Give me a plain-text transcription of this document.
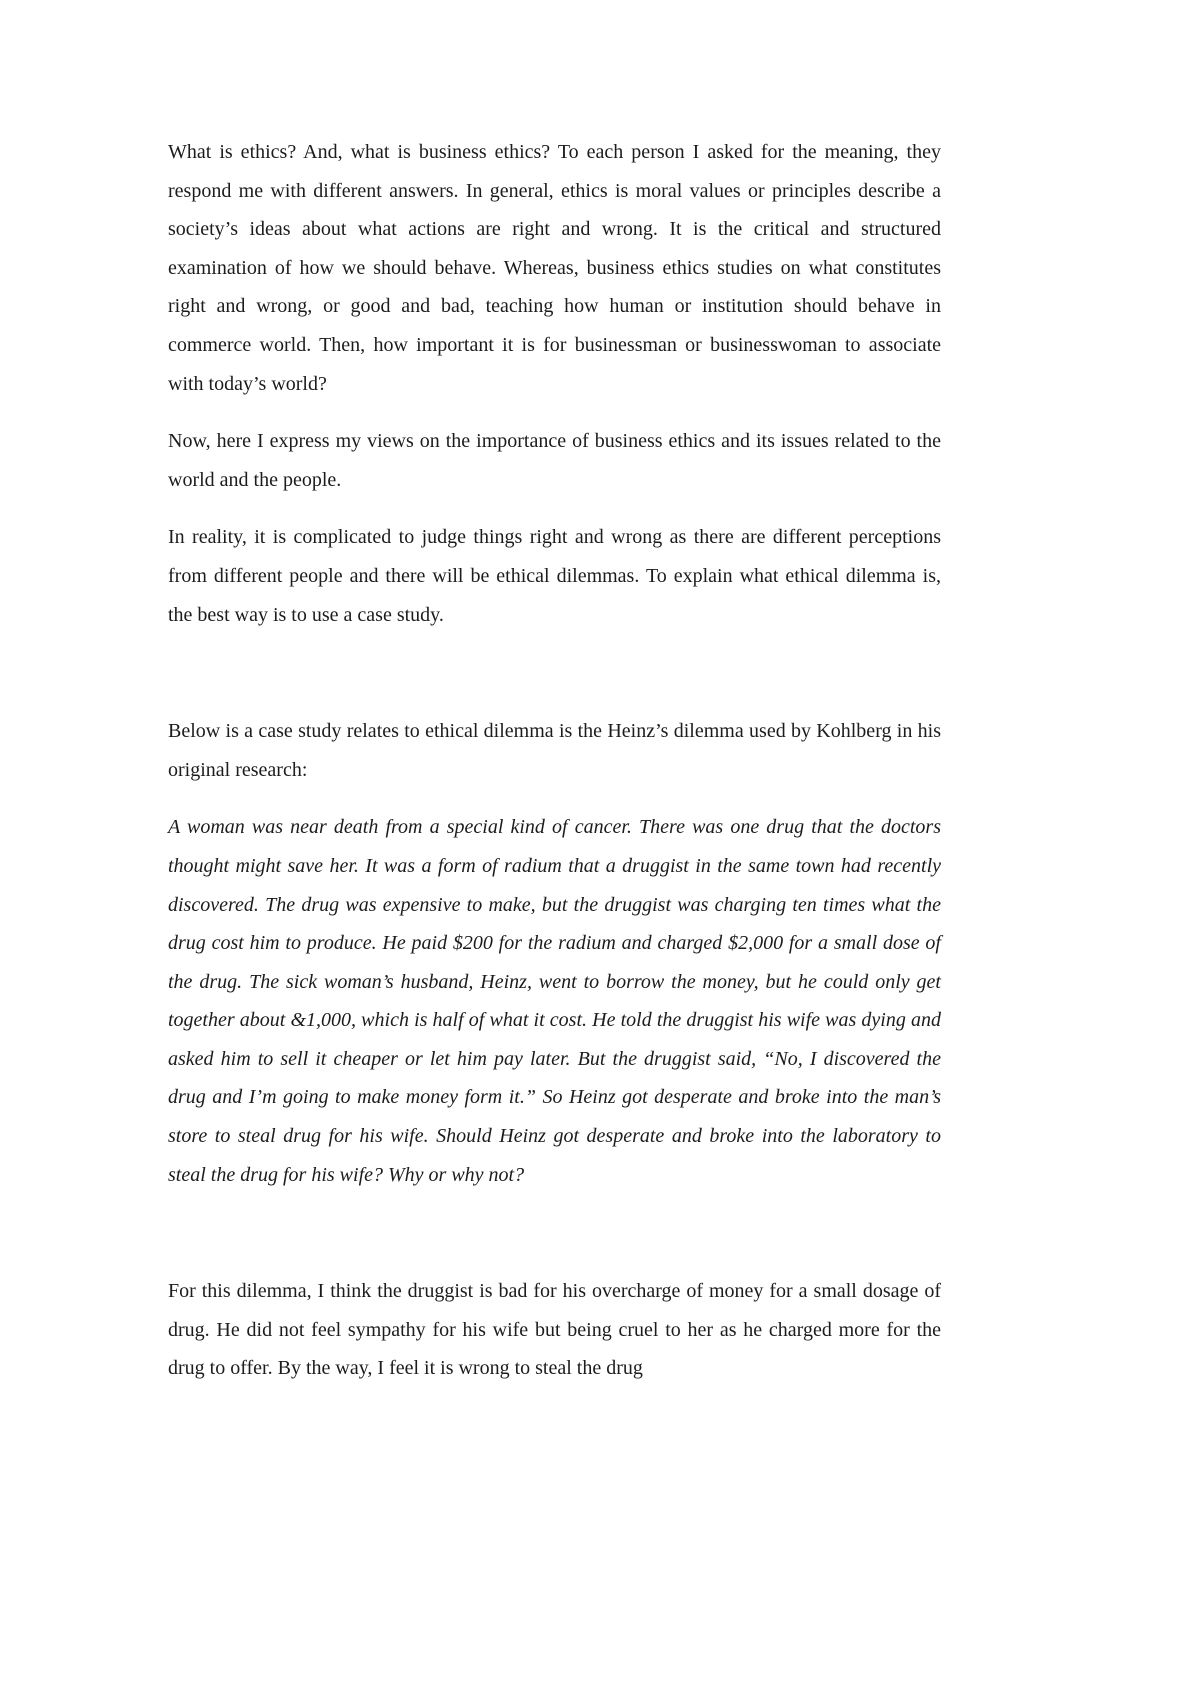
What is ethics? And, what is business ethics? To each person I asked for the meaning, they respond me with different answers. In general, ethics is moral values or principles describe a society’s ideas about what actions are right and wrong. It is the critical and structured examination of how we should behave. Whereas, business ethics studies on what constitutes right and wrong, or good and bad, teaching how human or institution should behave in commerce world. Then, how important it is for businessman or businesswoman to associate with today’s world?

Now, here I express my views on the importance of business ethics and its issues related to the world and the people.

In reality, it is complicated to judge things right and wrong as there are different perceptions from different people and there will be ethical dilemmas. To explain what ethical dilemma is, the best way is to use a case study.

Below is a case study relates to ethical dilemma is the Heinz’s dilemma used by Kohlberg in his original research:

A woman was near death from a special kind of cancer. There was one drug that the doctors thought might save her. It was a form of radium that a druggist in the same town had recently discovered. The drug was expensive to make, but the druggist was charging ten times what the drug cost him to produce. He paid $200 for the radium and charged $2,000 for a small dose of the drug. The sick woman’s husband, Heinz, went to borrow the money, but he could only get together about &1,000, which is half of what it cost. He told the druggist his wife was dying and asked him to sell it cheaper or let him pay later. But the druggist said, “No, I discovered the drug and I’m going to make money form it.” So Heinz got desperate and broke into the man’s store to steal drug for his wife. Should Heinz got desperate and broke into the laboratory to steal the drug for his wife? Why or why not?

For this dilemma, I think the druggist is bad for his overcharge of money for a small dosage of drug. He did not feel sympathy for his wife but being cruel to her as he charged more for the drug to offer. By the way, I feel it is wrong to steal the drug
